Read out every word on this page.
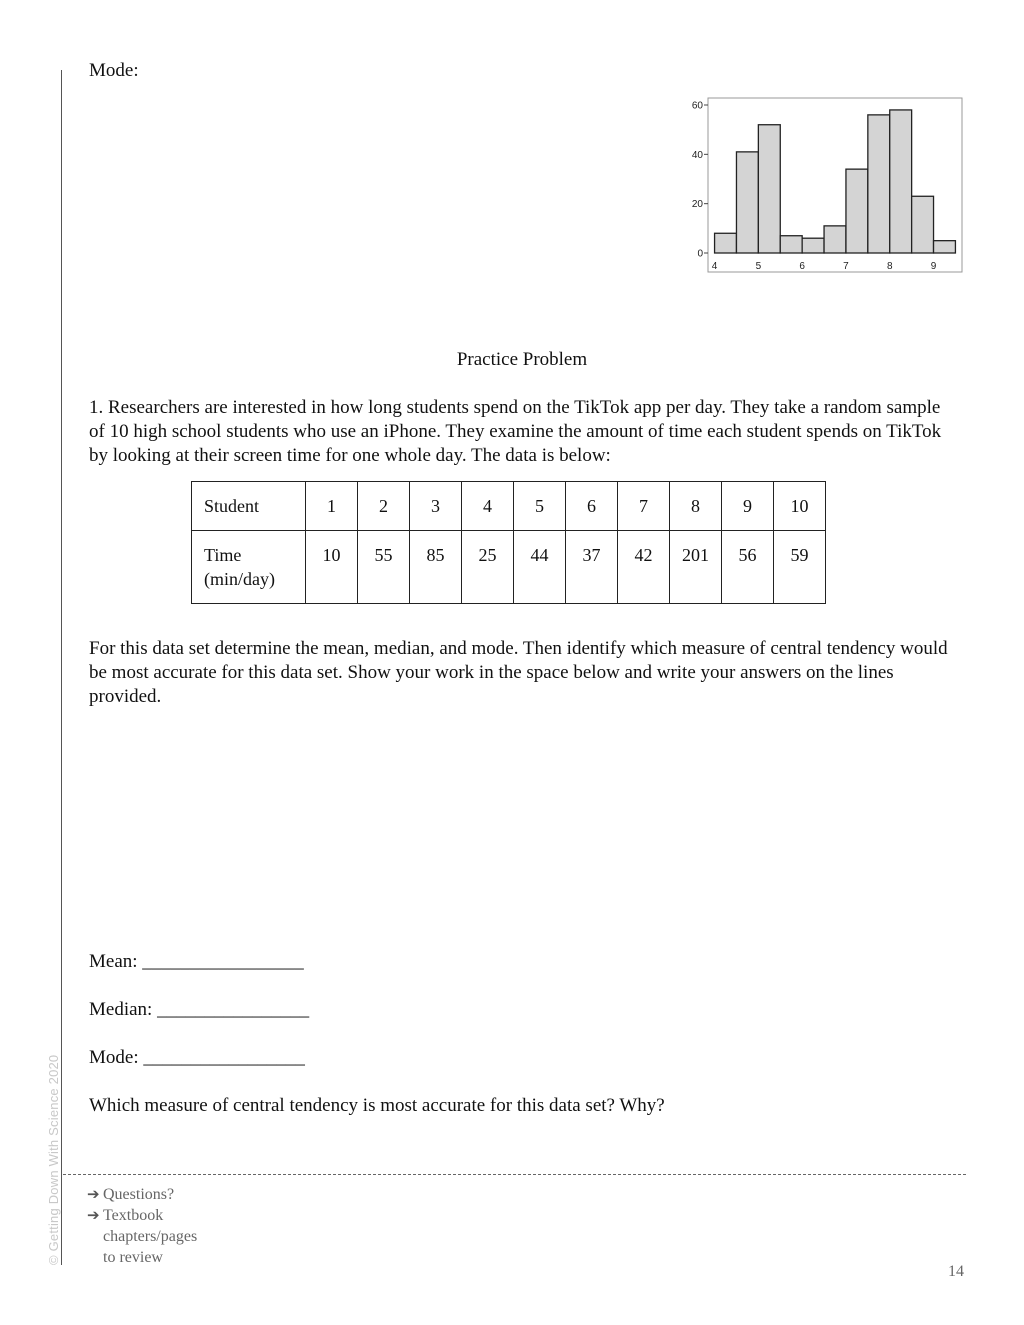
© Getting Down With Science 2020
Mode:
0
20
40
60
4	5	6	7	8	9
Practice Problem
1. Researchers are interested in how long students spend on the TikTok app per day. They take a random sample of 10 high school students who use an iPhone. They examine the amount of time each student spends on TikTok by looking at their screen time for one whole day. The data is below:
Student	1	2	3	4	5	6	7	8	9	10
Time
(min/day)	10	55	85	25	44	37	42	201	56	59
For this data set determine the mean, median, and mode. Then identify which measure of central tendency would be most accurate for this data set. Show your work in the space below and write your answers on the lines provided.
Mean: _________________
Median: ________________
Mode: _________________
Which measure of central tendency is most accurate for this data set? Why?
➔ Questions?
➔ Textbook
chapters/pages
to review
14
